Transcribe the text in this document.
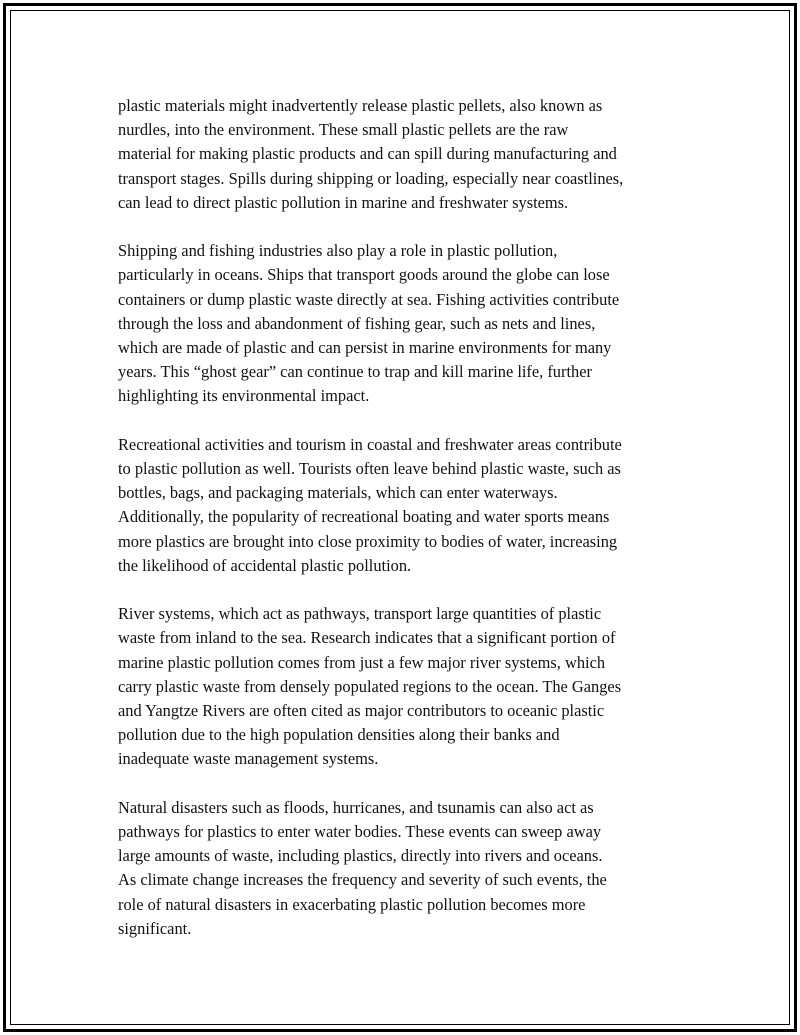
plastic materials might inadvertently release plastic pellets, also known as
nurdles, into the environment. These small plastic pellets are the raw
material for making plastic products and can spill during manufacturing and
transport stages. Spills during shipping or loading, especially near coastlines,
can lead to direct plastic pollution in marine and freshwater systems.

Shipping and fishing industries also play a role in plastic pollution,
particularly in oceans. Ships that transport goods around the globe can lose
containers or dump plastic waste directly at sea. Fishing activities contribute
through the loss and abandonment of fishing gear, such as nets and lines,
which are made of plastic and can persist in marine environments for many
years. This “ghost gear” can continue to trap and kill marine life, further
highlighting its environmental impact.

Recreational activities and tourism in coastal and freshwater areas contribute
to plastic pollution as well. Tourists often leave behind plastic waste, such as
bottles, bags, and packaging materials, which can enter waterways.
Additionally, the popularity of recreational boating and water sports means
more plastics are brought into close proximity to bodies of water, increasing
the likelihood of accidental plastic pollution.

River systems, which act as pathways, transport large quantities of plastic
waste from inland to the sea. Research indicates that a significant portion of
marine plastic pollution comes from just a few major river systems, which
carry plastic waste from densely populated regions to the ocean. The Ganges
and Yangtze Rivers are often cited as major contributors to oceanic plastic
pollution due to the high population densities along their banks and
inadequate waste management systems.

Natural disasters such as floods, hurricanes, and tsunamis can also act as
pathways for plastics to enter water bodies. These events can sweep away
large amounts of waste, including plastics, directly into rivers and oceans.
As climate change increases the frequency and severity of such events, the
role of natural disasters in exacerbating plastic pollution becomes more
significant.
